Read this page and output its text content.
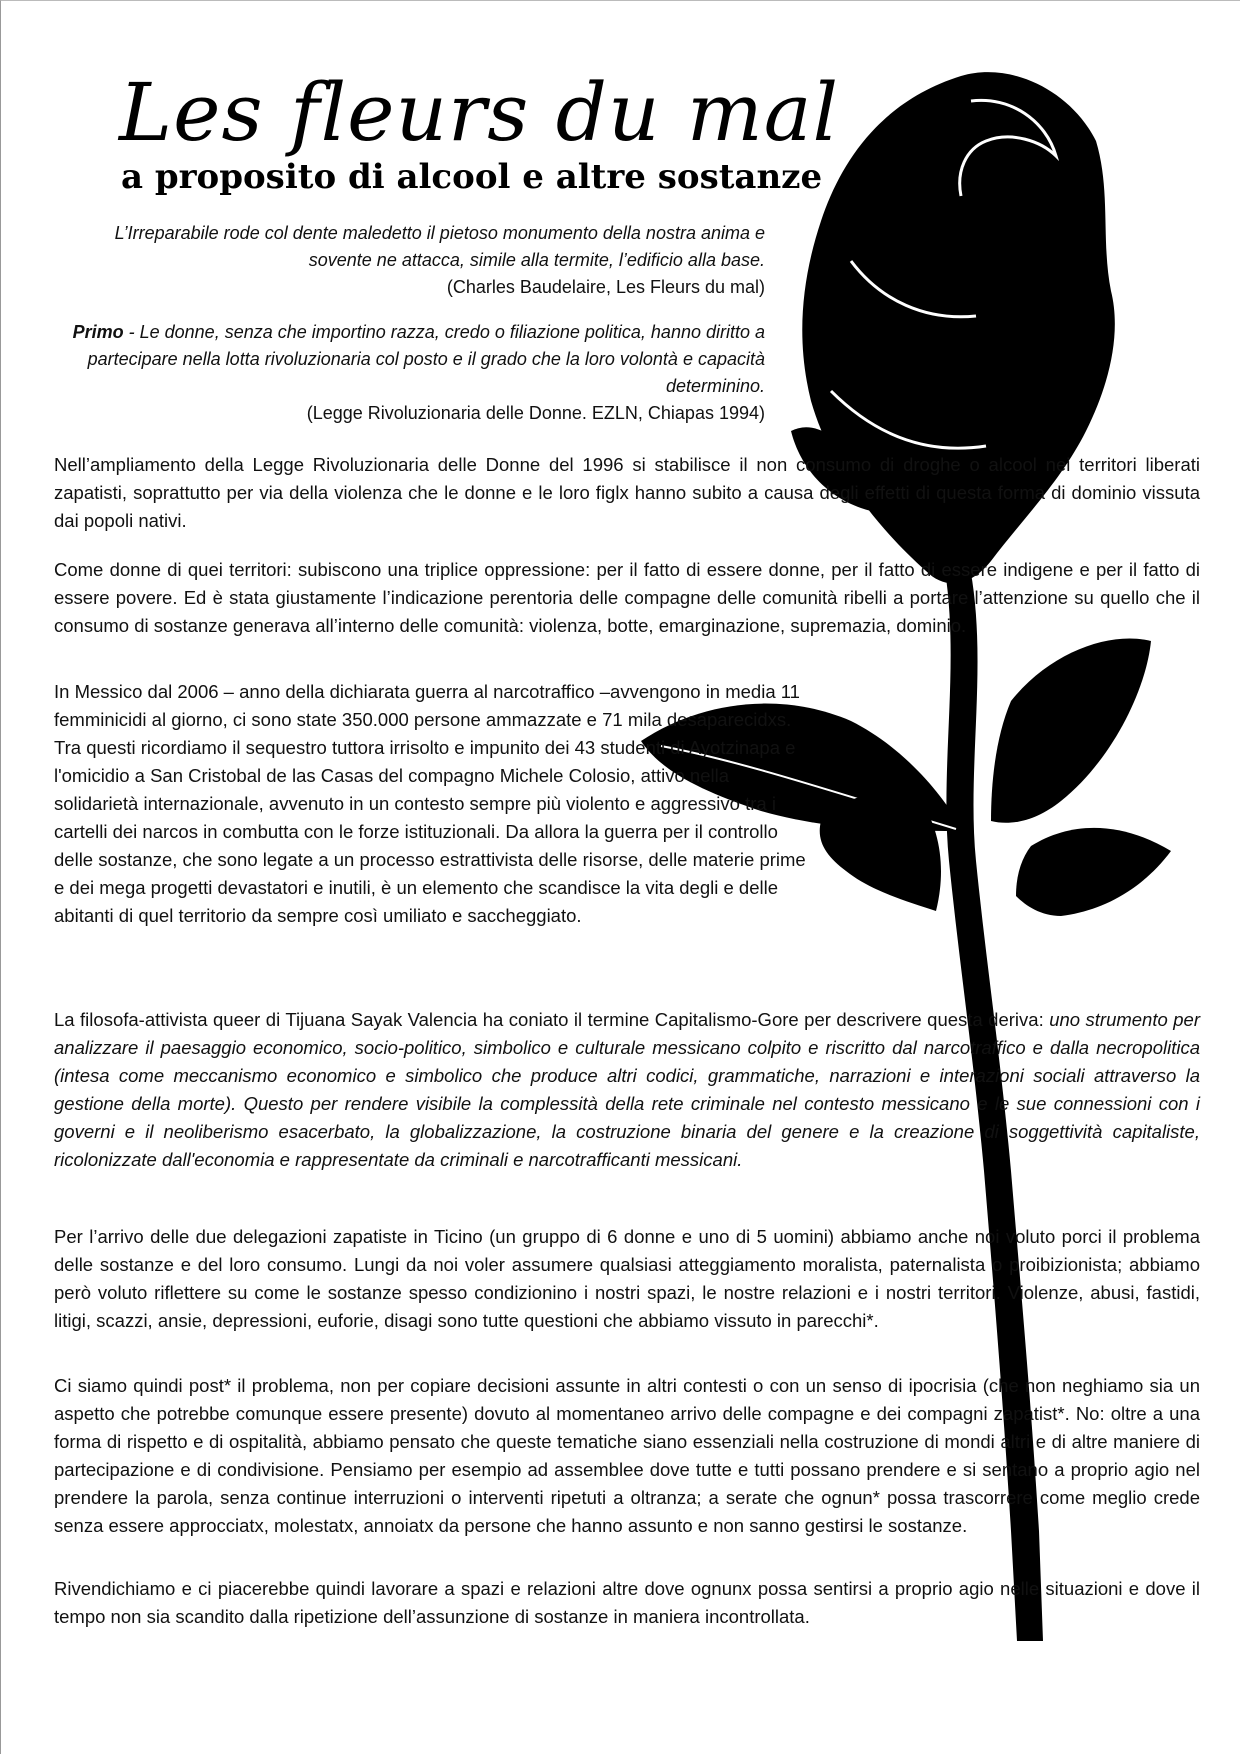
Les fleurs du mal
a proposito di alcool e altre sostanze

L’Irreparabile rode col dente maledetto il pietoso monumento della nostra anima e sovente ne attacca, simile alla termite, l’edificio alla base.
(Charles Baudelaire, Les Fleurs du mal)

Primo - Le donne, senza che importino razza, credo o filiazione politica, hanno diritto a partecipare nella lotta rivoluzionaria col posto e il grado che la loro volontà e capacità determinino.
(Legge Rivoluzionaria delle Donne. EZLN, Chiapas 1994)

Nell’ampliamento della Legge Rivoluzionaria delle Donne del 1996 si stabilisce il non consumo di droghe o alcool nei territori liberati zapatisti, soprattutto per via della violenza che le donne e le loro figlx hanno subito a causa degli effetti di questa forma di dominio vissuta dai popoli nativi.

Come donne di quei territori: subiscono una triplice oppressione: per il fatto di essere donne, per il fatto di essere indigene e per il fatto di essere povere. Ed è stata giustamente l’indicazione perentoria delle compagne delle comunità ribelli a portare l’attenzione su quello che il consumo di sostanze generava all’interno delle comunità: violenza, botte, emarginazione, supremazia, dominio.

In Messico dal 2006 – anno della dichiarata guerra al narcotraffico –avvengono in media 11 femminicidi al giorno, ci sono state 350.000 persone ammazzate e 71 mila desaparecidxs. Tra questi ricordiamo il sequestro tuttora irrisolto e impunito dei 43 studenti di Ayotzinapa e l'omicidio a San Cristobal de las Casas del compagno Michele Colosio, attivo nella solidarietà internazionale, avvenuto in un contesto sempre più violento e aggressivo tra i cartelli dei narcos in combutta con le forze istituzionali. Da allora la guerra per il controllo delle sostanze, che sono legate a un processo estrattivista delle risorse, delle materie prime e dei mega progetti devastatori e inutili, è un elemento che scandisce la vita degli e delle abitanti di quel territorio da sempre così umiliato e saccheggiato.

La filosofa-attivista queer di Tijuana Sayak Valencia ha coniato il termine Capitalismo-Gore per descrivere questa deriva: uno strumento per analizzare il paesaggio economico, socio-politico, simbolico e culturale messicano colpito e riscritto dal narcotraffico e dalla necropolitica (intesa come meccanismo economico e simbolico che produce altri codici, grammatiche, narrazioni e interazioni sociali attraverso la gestione della morte). Questo per rendere visibile la complessità della rete criminale nel contesto messicano e le sue connessioni con i governi e il neoliberismo esacerbato, la globalizzazione, la costruzione binaria del genere e la creazione di soggettività capitaliste, ricolonizzate dall'economia e rappresentate da criminali e narcotrafficanti messicani.

Per l’arrivo delle due delegazioni zapatiste in Ticino (un gruppo di 6 donne e uno di 5 uomini) abbiamo anche noi voluto porci il problema delle sostanze e del loro consumo. Lungi da noi voler assumere qualsiasi atteggiamento moralista, paternalista o proibizionista; abbiamo però voluto riflettere su come le sostanze spesso condizionino i nostri spazi, le nostre relazioni e i nostri territori. Violenze, abusi, fastidi, litigi, scazzi, ansie, depressioni, euforie, disagi sono tutte questioni che abbiamo vissuto in parecchi*.

Ci siamo quindi post* il problema, non per copiare decisioni assunte in altri contesti o con un senso di ipocrisia (che non neghiamo sia un aspetto che potrebbe comunque essere presente) dovuto al momentaneo arrivo delle compagne e dei compagni zapatist*. No: oltre a una forma di rispetto e di ospitalità, abbiamo pensato che queste tematiche siano essenziali nella costruzione di mondi altri e di altre maniere di partecipazione e di condivisione. Pensiamo per esempio ad assemblee dove tutte e tutti possano prendere e si sentano a proprio agio nel prendere la parola, senza continue interruzioni o interventi ripetuti a oltranza; a serate che ognun* possa trascorrere come meglio crede senza essere approcciatx, molestatx, annoiatx da persone che hanno assunto e non sanno gestirsi le sostanze.

Rivendichiamo e ci piacerebbe quindi lavorare a spazi e relazioni altre dove ognunx possa sentirsi a proprio agio nelle situazioni e dove il tempo non sia scandito dalla ripetizione dell’assunzione di sostanze in maniera incontrollata.
